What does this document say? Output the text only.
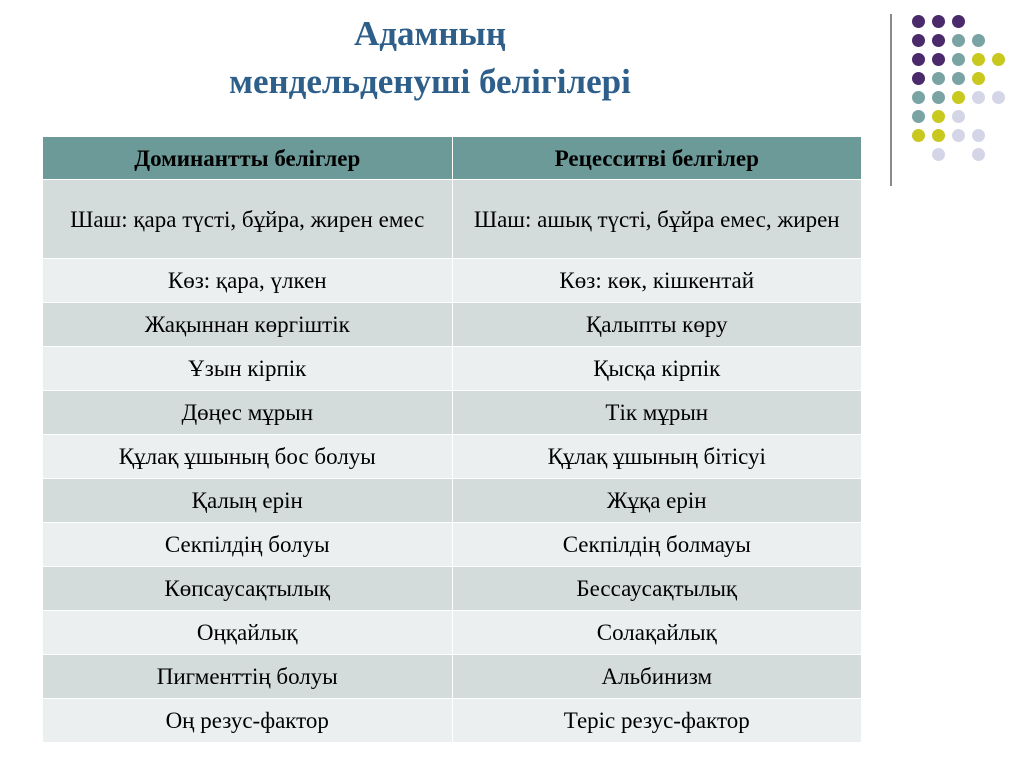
Адамның
мендельденуші белігілері
Доминантты беліглер	Рецесситві белгілер
Шаш: қара түсті, бұйра, жирен емес	Шаш: ашық түсті, бұйра емес, жирен
Көз: қара, үлкен	Көз: көк, кішкентай
Жақыннан көргіштік	Қалыпты көру
Ұзын кірпік	Қысқа кірпік
Дөңес мұрын	Тік мұрын
Құлақ ұшының бос болуы	Құлақ ұшының бітісуі
Қалың ерін	Жұқа ерін
Секпілдің болуы	Секпілдің болмауы
Көпсаусақтылық	Бессаусақтылық
Оңқайлық	Солақайлық
Пигменттің болуы	Альбинизм
Оң резус-фактор	Теріс резус-фактор
